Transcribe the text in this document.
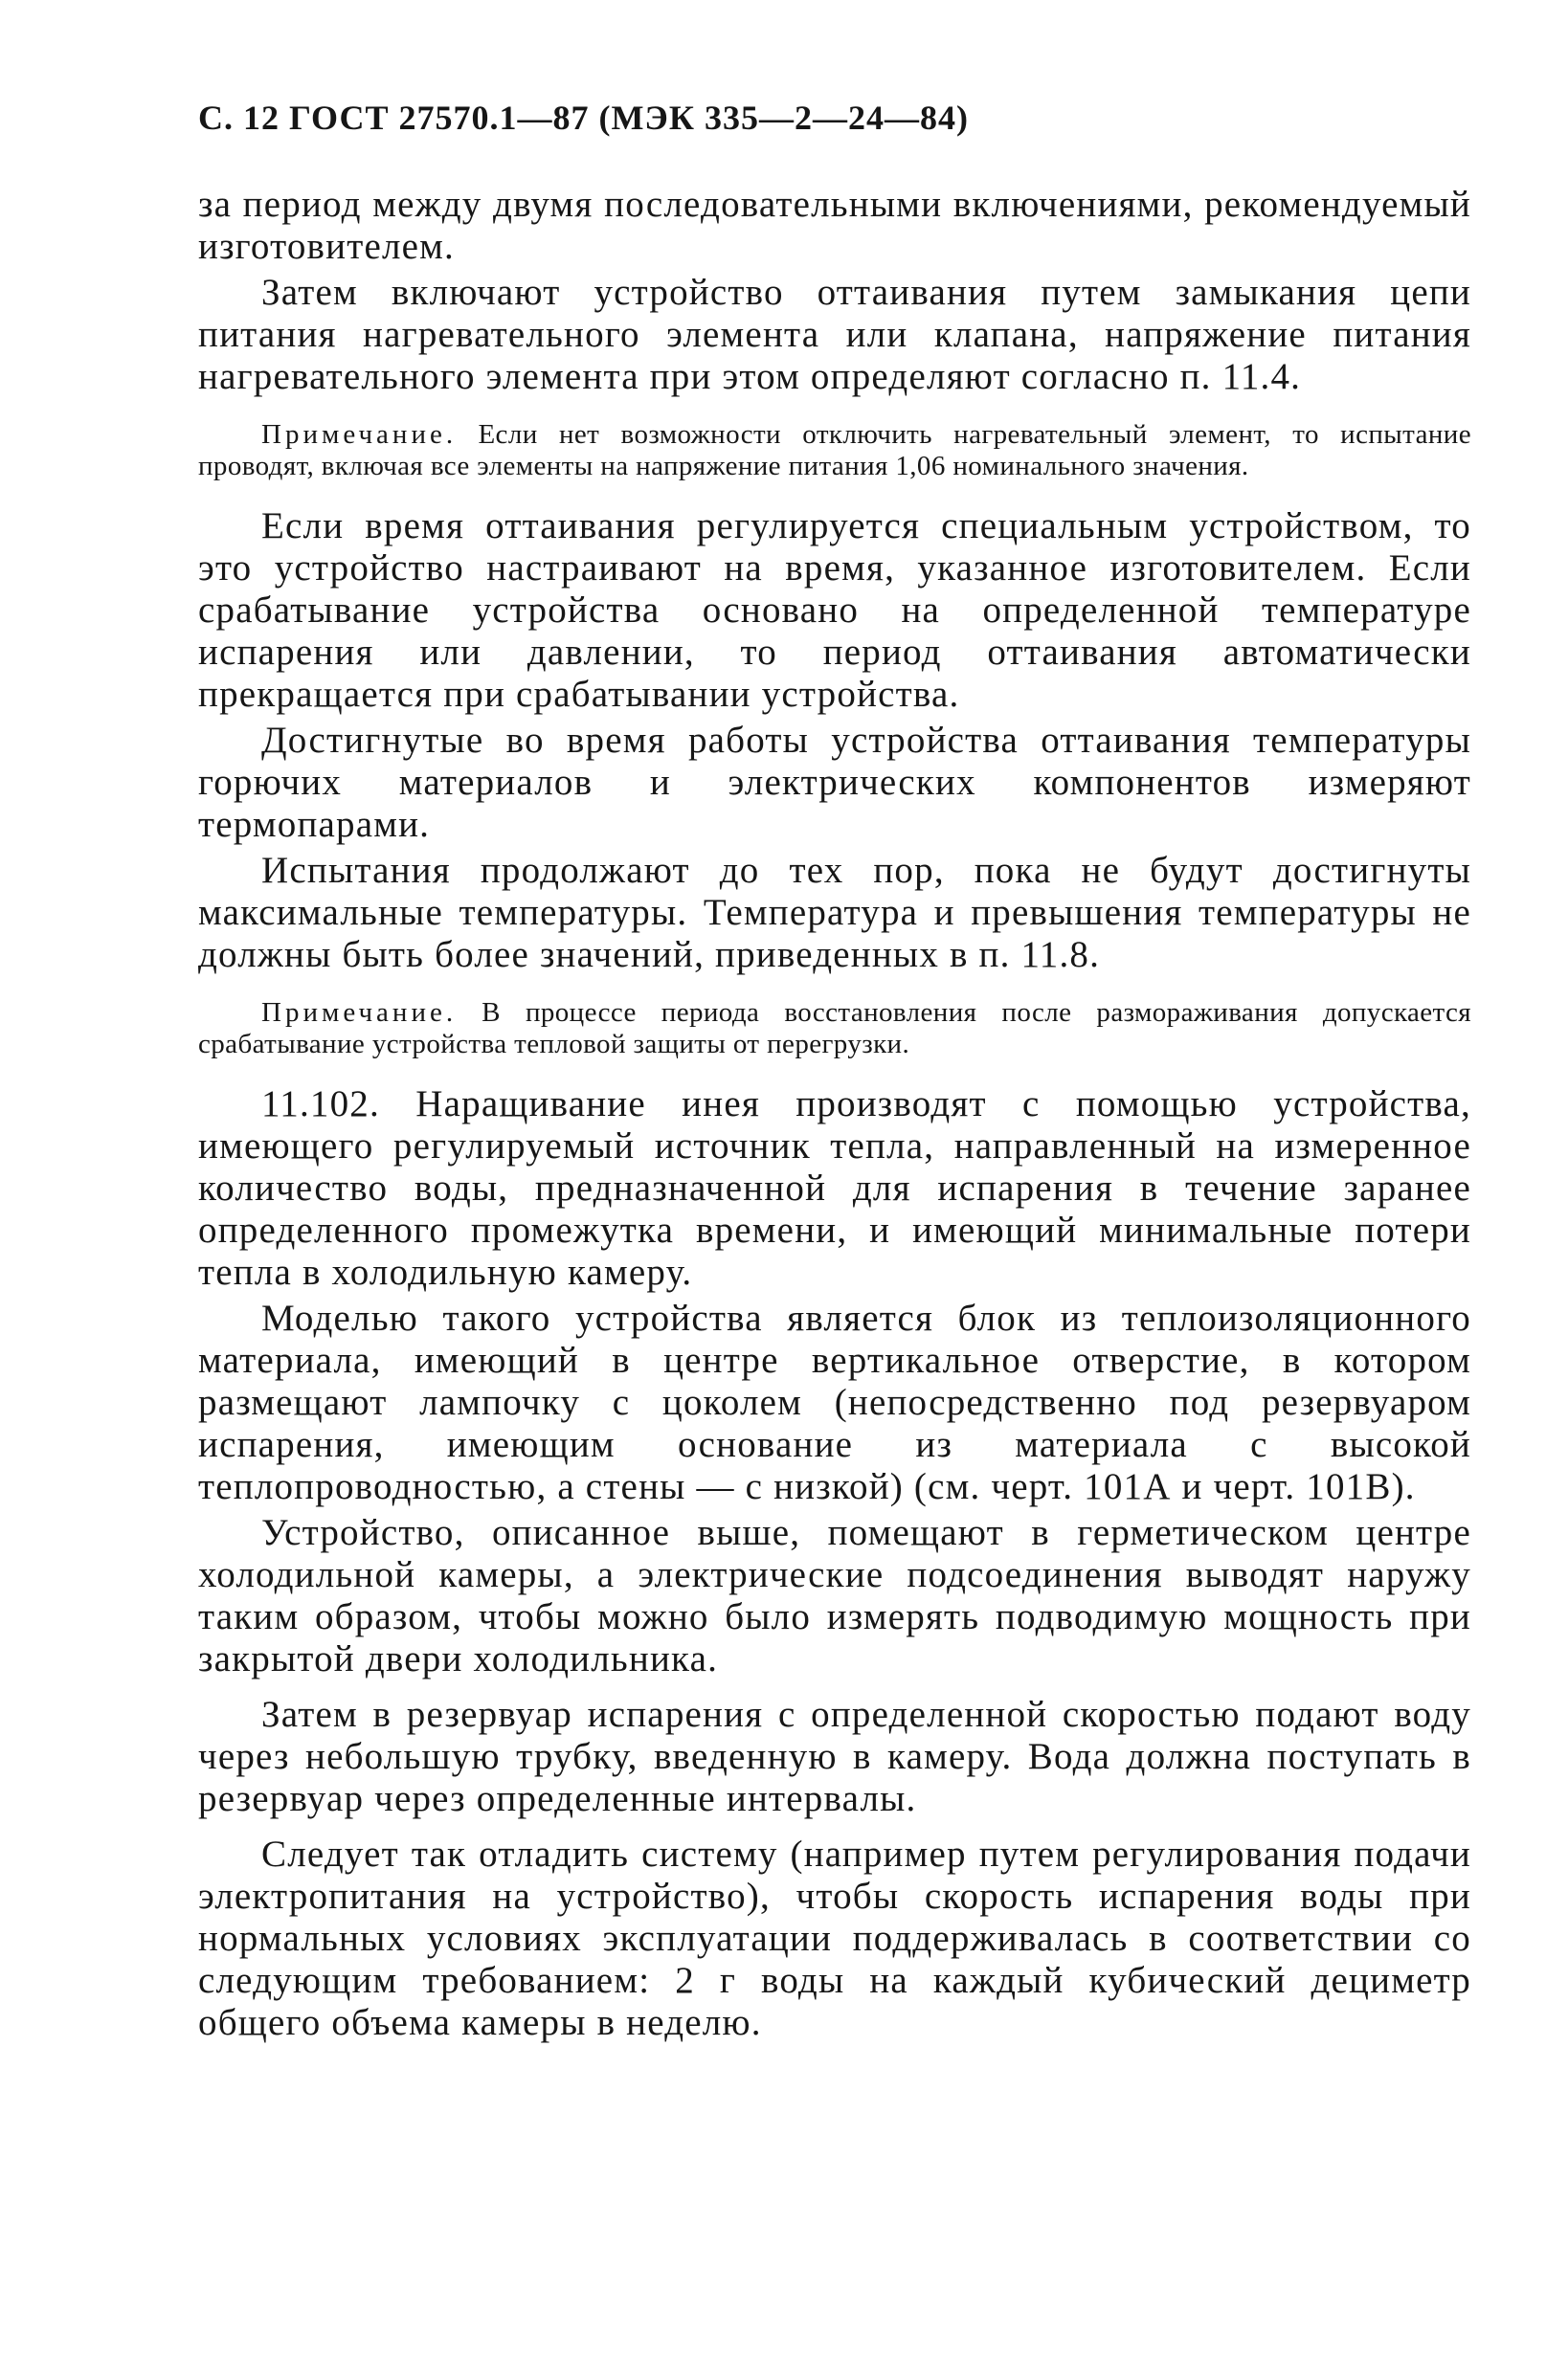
С. 12 ГОСТ 27570.1—87 (МЭК 335—2—24—84)

за период между двумя последовательными включениями, рекомендуемый изготовителем.

Затем включают устройство оттаивания путем замыкания цепи питания нагревательного элемента или клапана, напряжение питания нагревательного элемента при этом определяют согласно п. 11.4.

Примечание. Если нет возможности отключить нагревательный элемент, то испытание проводят, включая все элементы на напряжение питания 1,06 номинального значения.

Если время оттаивания регулируется специальным устройством, то это устройство настраивают на время, указанное изготовителем. Если срабатывание устройства основано на определенной температуре испарения или давлении, то период оттаивания автоматически прекращается при срабатывании устройства.

Достигнутые во время работы устройства оттаивания температуры горючих материалов и электрических компонентов измеряют термопарами.

Испытания продолжают до тех пор, пока не будут достигнуты максимальные температуры. Температура и превышения температуры не должны быть более значений, приведенных в п. 11.8.

Примечание. В процессе периода восстановления после размораживания допускается срабатывание устройства тепловой защиты от перегрузки.

11.102. Наращивание инея производят с помощью устройства, имеющего регулируемый источник тепла, направленный на измеренное количество воды, предназначенной для испарения в течение заранее определенного промежутка времени, и имеющий минимальные потери тепла в холодильную камеру.

Моделью такого устройства является блок из теплоизоляционного материала, имеющий в центре вертикальное отверстие, в котором размещают лампочку с цоколем (непосредственно под резервуаром испарения, имеющим основание из материала с высокой теплопроводностью, а стены — с низкой) (см. черт. 101А и черт. 101В).

Устройство, описанное выше, помещают в герметическом центре холодильной камеры, а электрические подсоединения выводят наружу таким образом, чтобы можно было измерять подводимую мощность при закрытой двери холодильника.

Затем в резервуар испарения с определенной скоростью подают воду через небольшую трубку, введенную в камеру. Вода должна поступать в резервуар через определенные интервалы.

Следует так отладить систему (например путем регулирования подачи электропитания на устройство), чтобы скорость испарения воды при нормальных условиях эксплуатации поддерживалась в соответствии со следующим требованием: 2 г воды на каждый кубический дециметр общего объема камеры в неделю.
